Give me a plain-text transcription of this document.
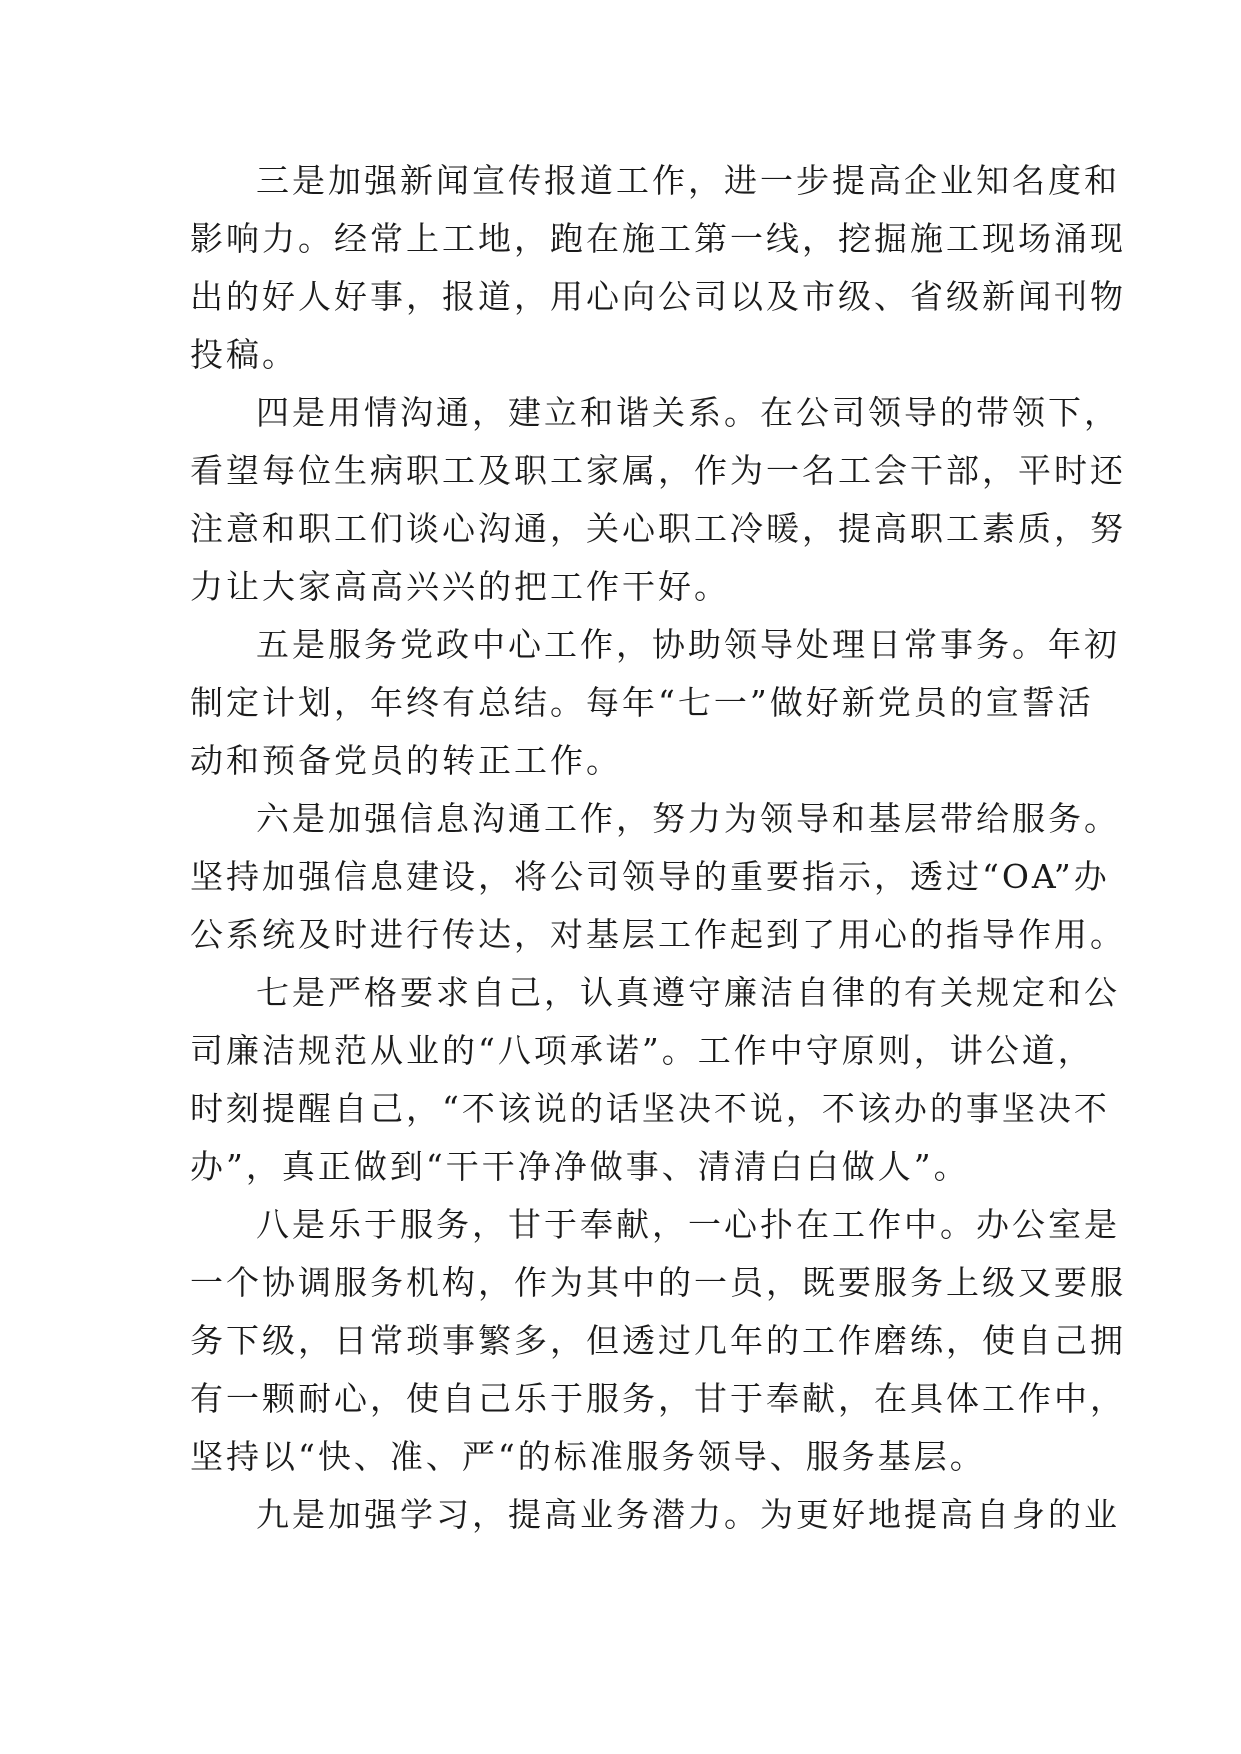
三是加强新闻宣传报道工作，进一步提高企业知名度和
影响力。经常上工地，跑在施工第一线，挖掘施工现场涌现
出的好人好事，报道，用心向公司以及市级、省级新闻刊物
投稿。

四是用情沟通，建立和谐关系。在公司领导的带领下，
看望每位生病职工及职工家属，作为一名工会干部，平时还
注意和职工们谈心沟通，关心职工冷暖，提高职工素质，努
力让大家高高兴兴的把工作干好。

五是服务党政中心工作，协助领导处理日常事务。年初
制定计划，年终有总结。每年“七一”做好新党员的宣誓活
动和预备党员的转正工作。

六是加强信息沟通工作，努力为领导和基层带给服务。
坚持加强信息建设，将公司领导的重要指示，透过“OA”办
公系统及时进行传达，对基层工作起到了用心的指导作用。

七是严格要求自己，认真遵守廉洁自律的有关规定和公
司廉洁规范从业的“八项承诺”。工作中守原则，讲公道，
时刻提醒自己，“不该说的话坚决不说，不该办的事坚决不
办”，真正做到“干干净净做事、清清白白做人”。

八是乐于服务，甘于奉献，一心扑在工作中。办公室是
一个协调服务机构，作为其中的一员，既要服务上级又要服
务下级，日常琐事繁多，但透过几年的工作磨练，使自己拥
有一颗耐心，使自己乐于服务，甘于奉献，在具体工作中，
坚持以“快、准、严“的标准服务领导、服务基层。

九是加强学习，提高业务潜力。为更好地提高自身的业
